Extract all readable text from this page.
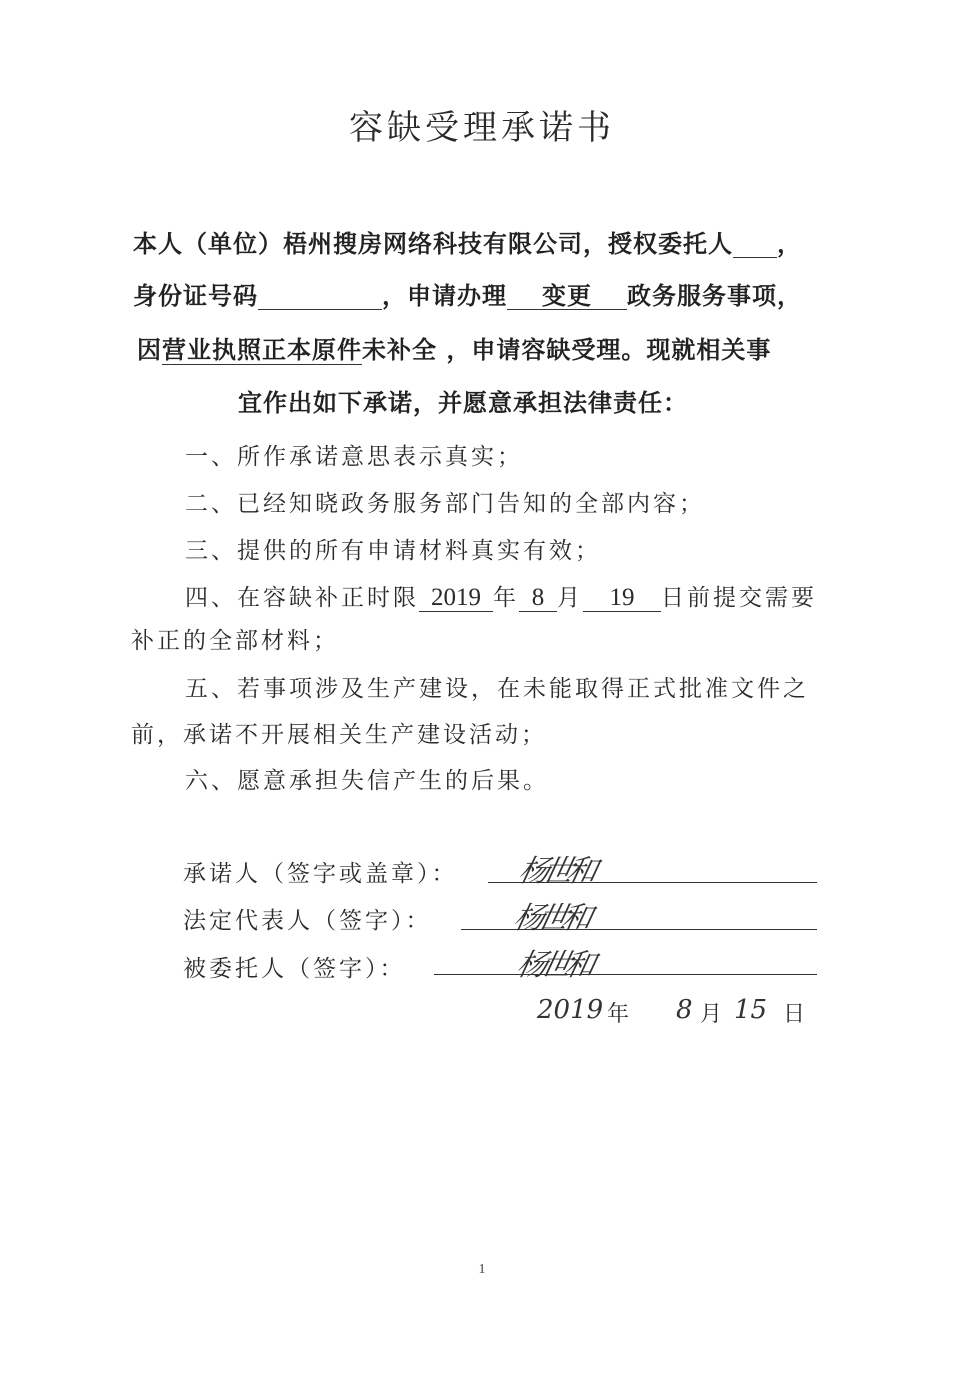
容缺受理承诺书
本人（单位）梧州搜房网络科技有限公司，授权委托人 ，
身份证号码	，申请办理 变更 政务服务事项，
因营业执照正本原件未补全 ，申请容缺受理。现就相关事
宜作出如下承诺，并愿意承担法律责任：
一、所作承诺意思表示真实；
二、已经知晓政务服务部门告知的全部内容；
三、提供的所有申请材料真实有效；
四、在容缺补正时限 2019 年 8 月 19 日前提交需要
补正的全部材料；
五、若事项涉及生产建设，在未能取得正式批准文件之
前，承诺不开展相关生产建设活动；
六、愿意承担失信产生的后果。
承诺人（签字或盖章）： 杨世和
法定代表人（签字）：	杨世和
被委托人（签字）：	杨世和
2019 年 8 月 15 日
1
